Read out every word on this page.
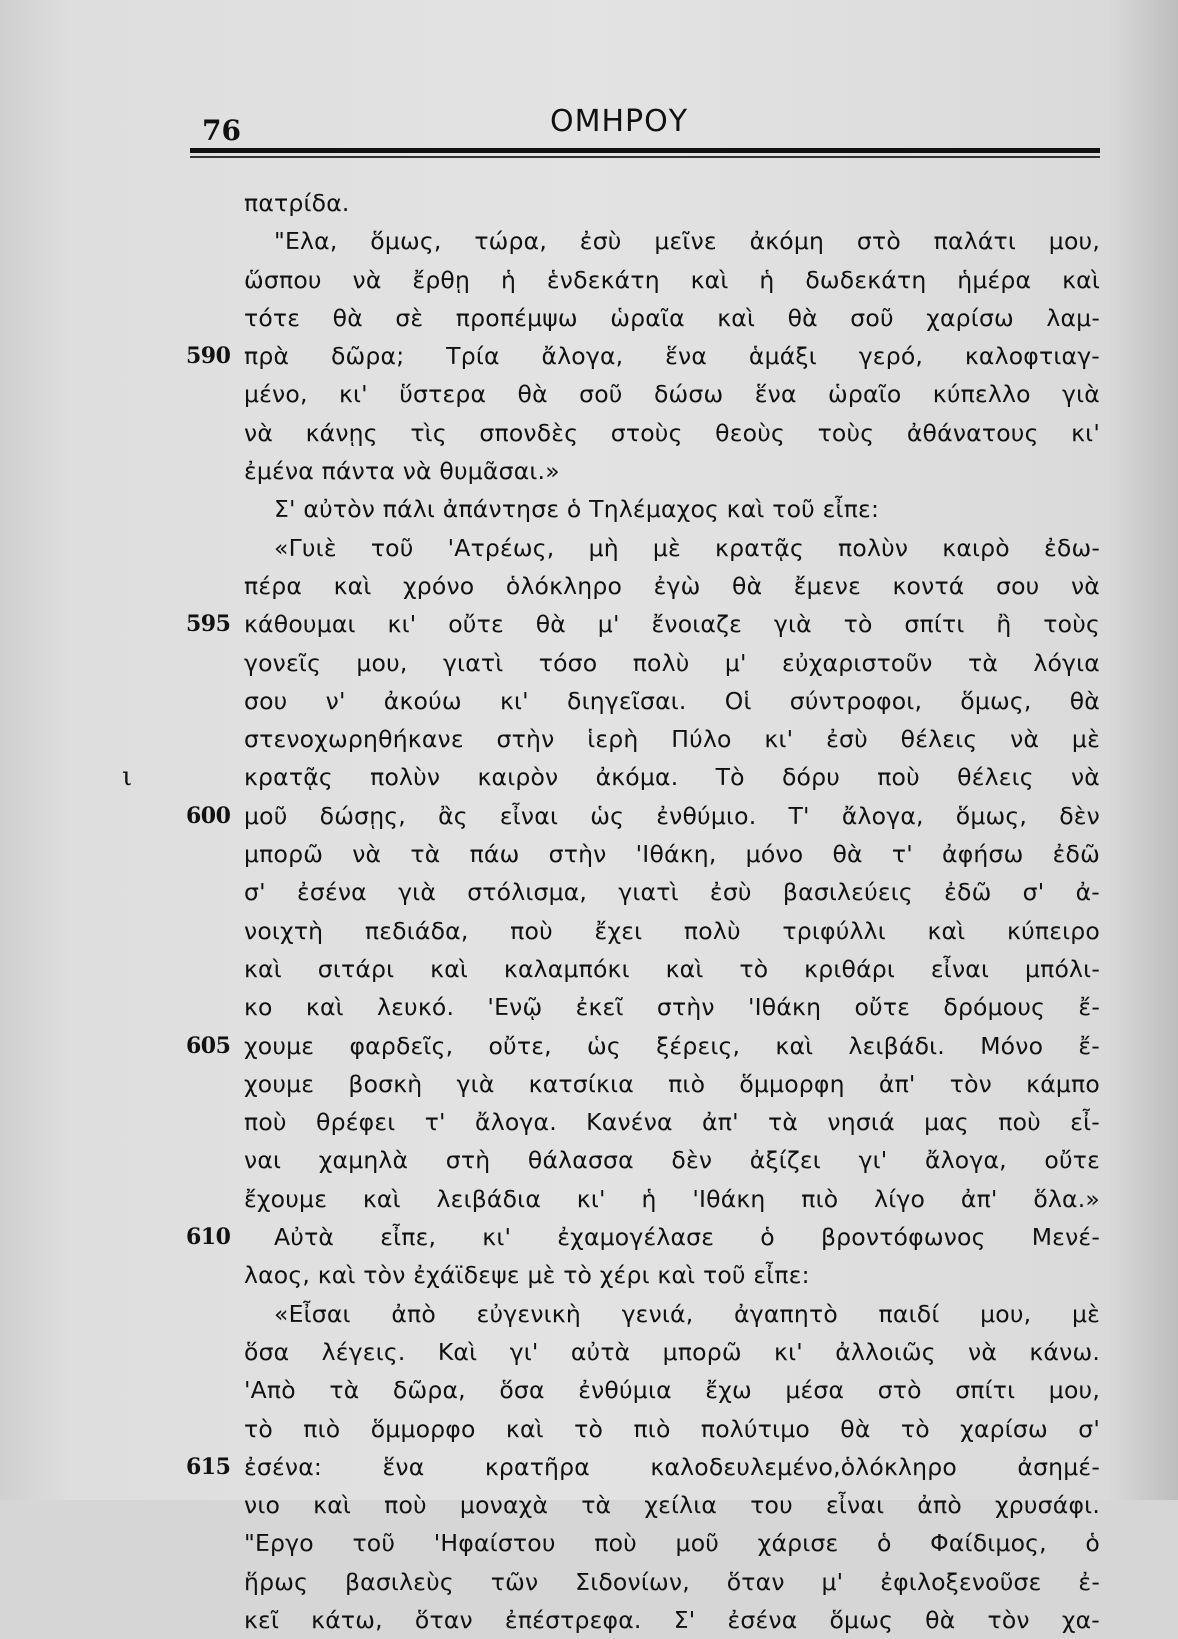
76	ΟΜΗΡΟΥ
ι
πατρίδα.
"Ελα, ὅμως, τώρα, ἐσὺ μεῖνε ἀκόμη στὸ παλάτι μου,
ὥσπου νὰ ἔρθῃ ἡ ἑνδεκάτη καὶ ἡ δωδεκάτη ἡμέρα καὶ
τότε θὰ σὲ προπέμψω ὡραῖα καὶ θὰ σοῦ χαρίσω λαμ-
590 πρὰ δῶρα; Τρία ἄλογα, ἕνα ἁμάξι γερό, καλοφτιαγ-
μένο, κι' ὕστερα θὰ σοῦ δώσω ἕνα ὡραῖο κύπελλο γιὰ
νὰ κάνῃς τὶς σπονδὲς στοὺς θεοὺς τοὺς ἀθάνατους κι'
ἐμένα πάντα νὰ θυμᾶσαι.»
Σ' αὐτὸν πάλι ἀπάντησε ὁ Τηλέμαχος καὶ τοῦ εἶπε:
«Γυιὲ τοῦ 'Ατρέως, μὴ μὲ κρατᾷς πολὺν καιρὸ ἐδω-
πέρα καὶ χρόνο ὁλόκληρο ἐγὼ θὰ ἔμενε κοντά σου νὰ
595 κάθουμαι κι' οὔτε θὰ μ' ἔνοιαζε γιὰ τὸ σπίτι ἢ τοὺς
γονεῖς μου, γιατὶ τόσο πολὺ μ' εὐχαριστοῦν τὰ λόγια
σου ν' ἀκούω κι' διηγεῖσαι. Οἱ σύντροφοι, ὅμως, θὰ
στενοχωρηθήκανε στὴν ἱερὴ Πύλο κι' ἐσὺ θέλεις νὰ μὲ
κρατᾷς πολὺν καιρὸν ἀκόμα. Τὸ δόρυ ποὺ θέλεις νὰ
600 μοῦ δώσῃς, ἂς εἶναι ὡς ἐνθύμιο. Τ' ἄλογα, ὅμως, δὲν
μπορῶ νὰ τὰ πάω στὴν 'Ιθάκη, μόνο θὰ τ' ἀφήσω ἐδῶ
σ' ἐσένα γιὰ στόλισμα, γιατὶ ἐσὺ βασιλεύεις ἐδῶ σ' ἀ-
νοιχτὴ πεδιάδα, ποὺ ἔχει πολὺ τριφύλλι καὶ κύπειρο
καὶ σιτάρι καὶ καλαμπόκι καὶ τὸ κριθάρι εἶναι μπόλι-
κο καὶ λευκό. 'Ενῷ ἐκεῖ στὴν 'Ιθάκη οὔτε δρόμους ἔ-
605 χουμε φαρδεῖς, οὔτε, ὡς ξέρεις, καὶ λειβάδι. Μόνο ἔ-
χουμε βοσκὴ γιὰ κατσίκια πιὸ ὅμμορφη ἀπ' τὸν κάμπο
ποὺ θρέφει τ' ἄλογα. Κανένα ἀπ' τὰ νησιά μας ποὺ εἶ-
ναι χαμηλὰ στὴ θάλασσα δὲν ἀξίζει γι' ἄλογα, οὔτε
ἔχουμε καὶ λειβάδια κι' ἡ 'Ιθάκη πιὸ λίγο ἀπ' ὅλα.»
610 Αὐτὰ εἶπε, κι' ἐχαμογέλασε ὁ βροντόφωνος Μενέ-
λαος, καὶ τὸν ἐχάϊδεψε μὲ τὸ χέρι καὶ τοῦ εἶπε:
«Εἶσαι ἀπὸ εὐγενικὴ γενιά, ἀγαπητὸ παιδί μου, μὲ
ὅσα λέγεις. Καὶ γι' αὐτὰ μπορῶ κι' ἀλλοιῶς νὰ κάνω.
'Απὸ τὰ δῶρα, ὅσα ἐνθύμια ἔχω μέσα στὸ σπίτι μου,
τὸ πιὸ ὅμμορφο καὶ τὸ πιὸ πολύτιμο θὰ τὸ χαρίσω σ'
615 ἐσένα: ἕνα κρατῆρα καλοδευλεμένο,ὁλόκληρο ἀσημέ-
νιο καὶ ποὺ μοναχὰ τὰ χείλια του εἶναι ἀπὸ χρυσάφι.
"Εργο τοῦ 'Ηφαίστου ποὺ μοῦ χάρισε ὁ Φαίδιμος, ὁ
ἥρως βασιλεὺς τῶν Σιδονίων, ὅταν μ' ἐφιλοξενοῦσε ἐ-
κεῖ κάτω, ὅταν ἐπέστρεφα. Σ' ἐσένα ὅμως θὰ τὸν χα-
